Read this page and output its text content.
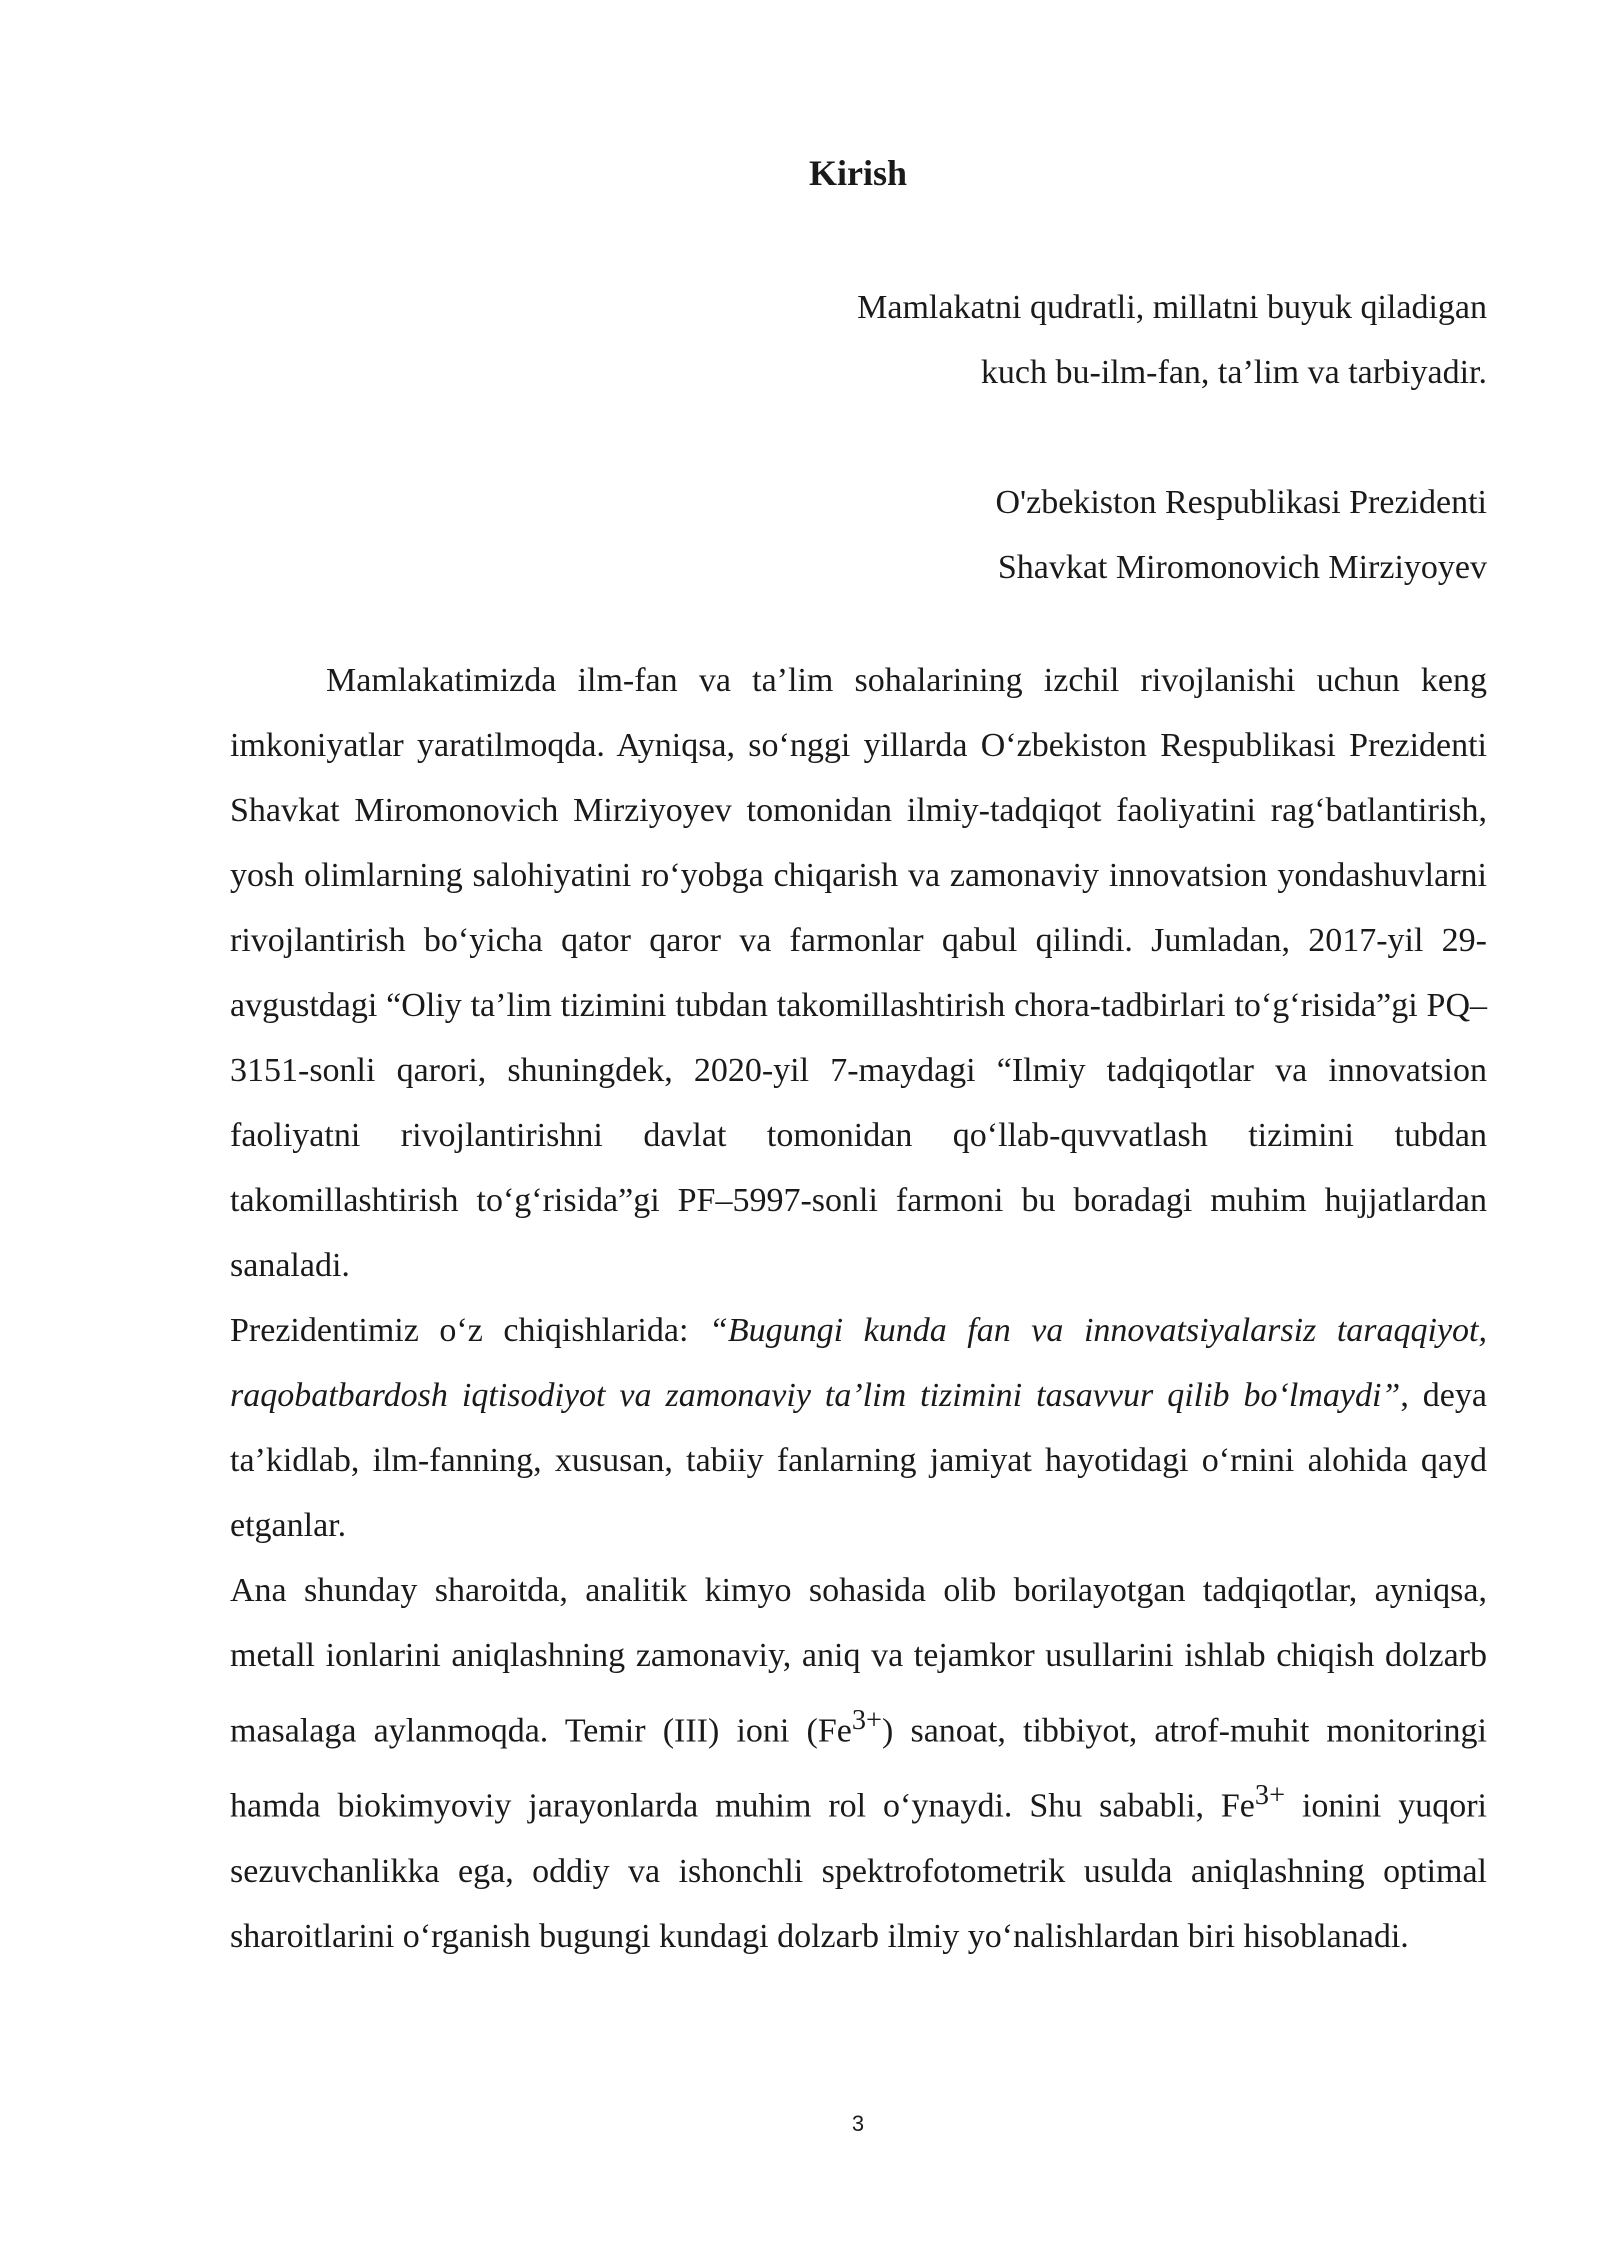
Kirish
Mamlakatni qudratli, millatni buyuk qiladigan
kuch bu-ilm-fan, ta’lim va tarbiyadir.
O'zbekiston Respublikasi Prezidenti
Shavkat Miromonovich Mirziyoyev

Mamlakatimizda ilm-fan va ta’lim sohalarining izchil rivojlanishi uchun keng imkoniyatlar yaratilmoqda. Ayniqsa, so‘nggi yillarda O‘zbekiston Respublikasi Prezidenti Shavkat Miromonovich Mirziyoyev tomonidan ilmiy-tadqiqot faoliyatini rag‘batlantirish, yosh olimlarning salohiyatini ro‘yobga chiqarish va zamonaviy innovatsion yondashuvlarni rivojlantirish bo‘yicha qator qaror va farmonlar qabul qilindi. Jumladan, 2017-yil 29-avgustdagi “Oliy ta’lim tizimini tubdan takomillashtirish chora-tadbirlari to‘g‘risida”gi PQ–3151-sonli qarori, shuningdek, 2020-yil 7-maydagi “Ilmiy tadqiqotlar va innovatsion faoliyatni rivojlantirishni davlat tomonidan qo‘llab-quvvatlash tizimini tubdan takomillashtirish to‘g‘risida”gi PF–5997-sonli farmoni bu boradagi muhim hujjatlardan sanaladi.

Prezidentimiz o‘z chiqishlarida: “Bugungi kunda fan va innovatsiyalarsiz taraqqiyot, raqobatbardosh iqtisodiyot va zamonaviy ta’lim tizimini tasavvur qilib bo‘lmaydi”, deya ta’kidlab, ilm-fanning, xususan, tabiiy fanlarning jamiyat hayotidagi o‘rnini alohida qayd etganlar.

Ana shunday sharoitda, analitik kimyo sohasida olib borilayotgan tadqiqotlar, ayniqsa, metall ionlarini aniqlashning zamonaviy, aniq va tejamkor usullarini ishlab chiqish dolzarb masalaga aylanmoqda. Temir (III) ioni $(Fe^{3+})$ sanoat, tibbiyot, atrof-muhit monitoringi hamda biokimyoviy jarayonlarda muhim rol o‘ynaydi. Shu sababli, $Fe^{3+}$ ionini yuqori sezuvchanlikka ega, oddiy va ishonchli spektrofotometrik usulda aniqlashning optimal sharoitlarini o‘rganish bugungi kundagi dolzarb ilmiy yo‘nalishlardan biri hisoblanadi.

3
